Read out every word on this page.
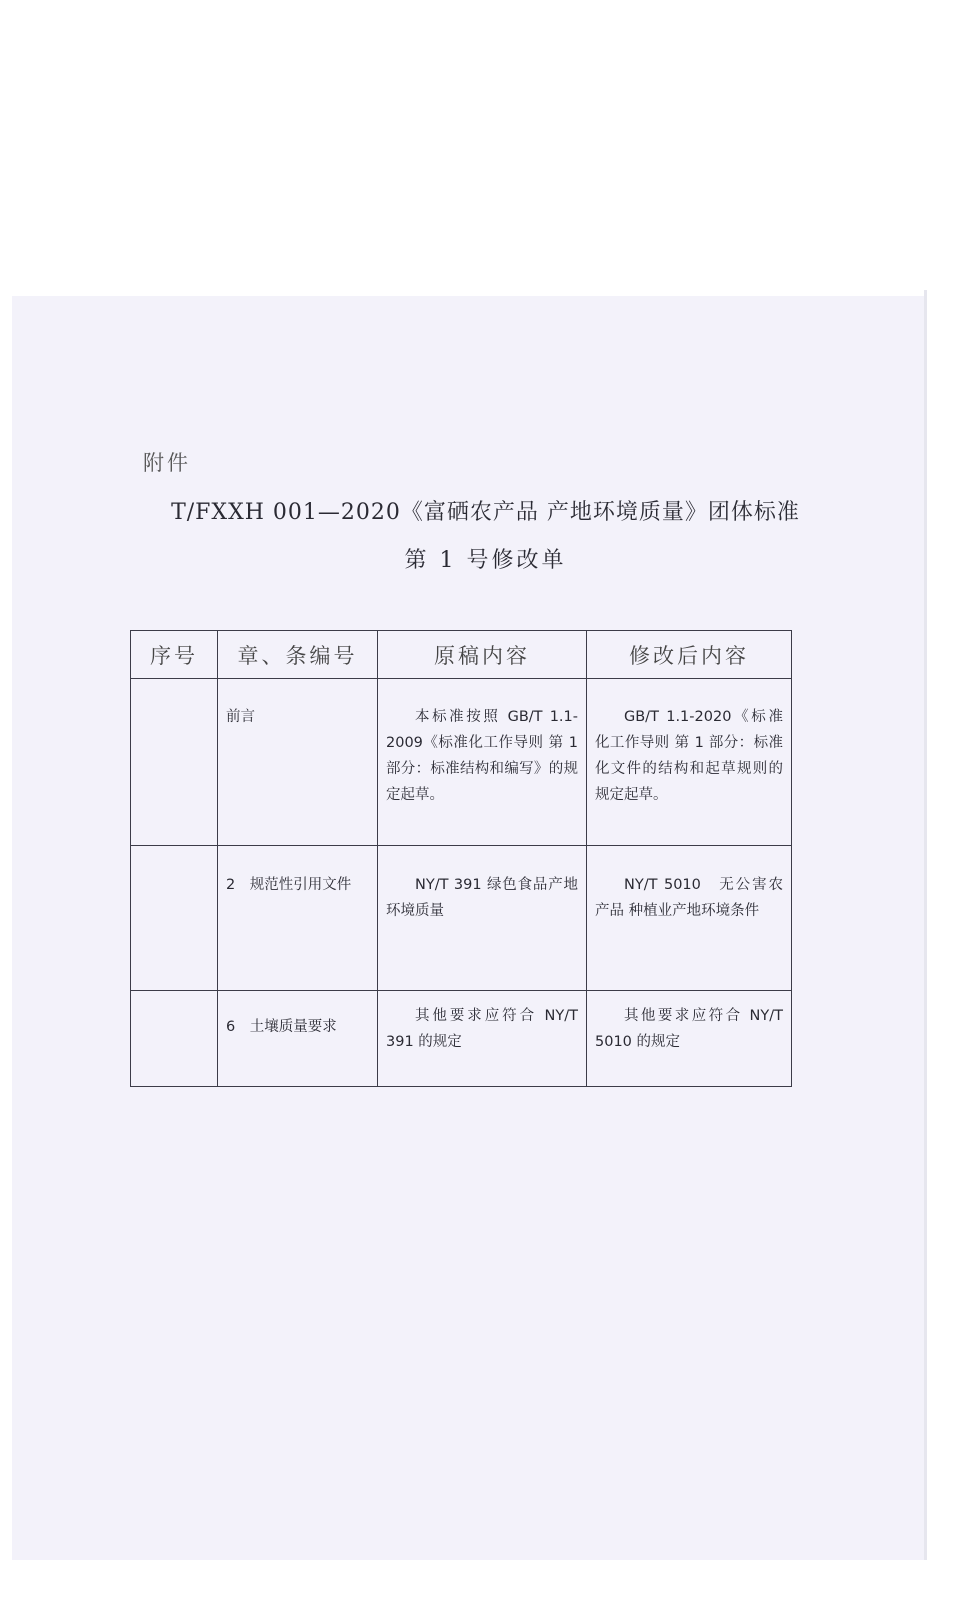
附件
T/FXXH 001—2020《富硒农产品 产地环境质量》团体标准
第 1 号修改单
序号	章、条编号	原稿内容	修改后内容

	前言	本标准按照 GB/T 1.1-2009《标准化工作导则 第 1 部分：标准结构和编写》的规定起草。	GB/T 1.1-2020《标准化工作导则 第 1 部分：标准化文件的结构和起草规则的规定起草。

	2　规范性引用文件	NY/T 391 绿色食品产地环境质量	NY/T 5010　无公害农产品 种植业产地环境条件

	6　土壤质量要求	其他要求应符合 NY/T 391 的规定	其他要求应符合 NY/T 5010 的规定
